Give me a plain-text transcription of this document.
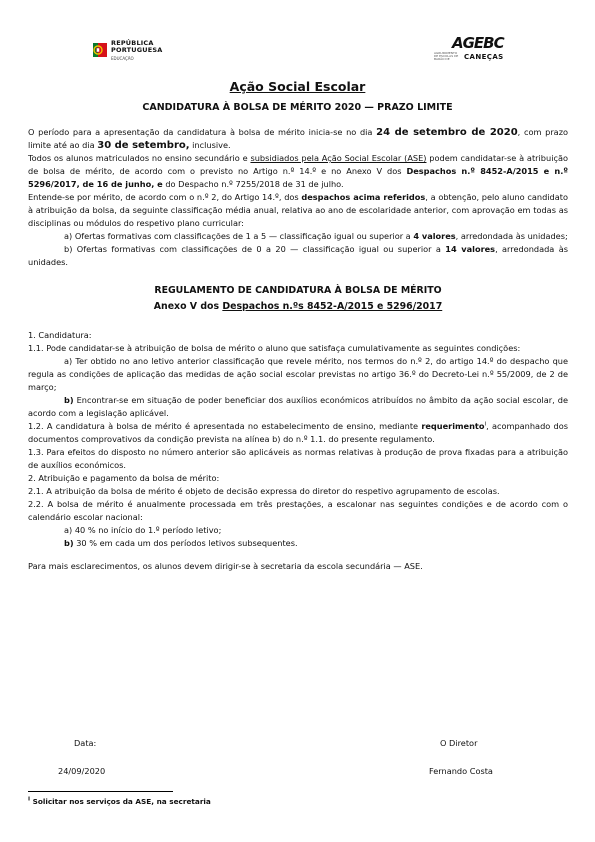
REPÚBLICA
PORTUGUESA
EDUCAÇÃO
AGEBC
AGRUPAMENTO DE ESCOLAS DE BARÃO DE	CANEÇAS
Ação Social Escolar
CANDIDATURA À BOLSA DE MÉRITO 2020 — PRAZO LIMITE

O período para a apresentação da candidatura à bolsa de mérito inicia-se no dia 24 de setembro de 2020, com prazo limite até ao dia 30 de setembro, inclusive.

Todos os alunos matriculados no ensino secundário e subsidiados pela Ação Social Escolar (ASE) podem candidatar-se à atribuição de bolsa de mérito, de acordo com o previsto no Artigo n.º 14.º e no Anexo V dos Despachos n.º 8452-A/2015 e n.º 5296/2017, de 16 de junho, e do Despacho n.º 7255/2018 de 31 de julho.

Entende-se por mérito, de acordo com o n.º 2, do Artigo 14.º, dos despachos acima referidos, a obtenção, pelo aluno candidato à atribuição da bolsa, da seguinte classificação média anual, relativa ao ano de escolaridade anterior, com aprovação em todas as disciplinas ou módulos do respetivo plano curricular:

a) Ofertas formativas com classificações de 1 a 5 — classificação igual ou superior a 4 valores, arredondada às unidades;

b) Ofertas formativas com classificações de 0 a 20 — classificação igual ou superior a 14 valores, arredondada às unidades.

REGULAMENTO DE CANDIDATURA À BOLSA DE MÉRITO

Anexo V dos Despachos n.ºs 8452-A/2015 e 5296/2017

1. Candidatura:

1.1. Pode candidatar-se à atribuição de bolsa de mérito o aluno que satisfaça cumulativamente as seguintes condições:

a) Ter obtido no ano letivo anterior classificação que revele mérito, nos termos do n.º 2, do artigo 14.º do despacho que regula as condições de aplicação das medidas de ação social escolar previstas no artigo 36.º do Decreto-Lei n.º 55/2009, de 2 de março;

b) Encontrar-se em situação de poder beneficiar dos auxílios económicos atribuídos no âmbito da ação social escolar, de acordo com a legislação aplicável.

1.2. A candidatura à bolsa de mérito é apresentada no estabelecimento de ensino, mediante requerimento$^I$, acompanhado dos documentos comprovativos da condição prevista na alínea b) do n.º 1.1. do presente regulamento.

1.3. Para efeitos do disposto no número anterior são aplicáveis as normas relativas à produção de prova fixadas para a atribuição de auxílios económicos.

2. Atribuição e pagamento da bolsa de mérito:

2.1. A atribuição da bolsa de mérito é objeto de decisão expressa do diretor do respetivo agrupamento de escolas.

2.2. A bolsa de mérito é anualmente processada em três prestações, a escalonar nas seguintes condições e de acordo com o calendário escolar nacional:

a) 40 % no início do 1.º período letivo;

b) 30 % em cada um dos períodos letivos subsequentes.

Para mais esclarecimentos, os alunos devem dirigir-se à secretaria da escola secundária — ASE.

Data:	O Diretor
24/09/2020	Fernando Costa
$^I$ Solicitar nos serviços da ASE, na secretaria
